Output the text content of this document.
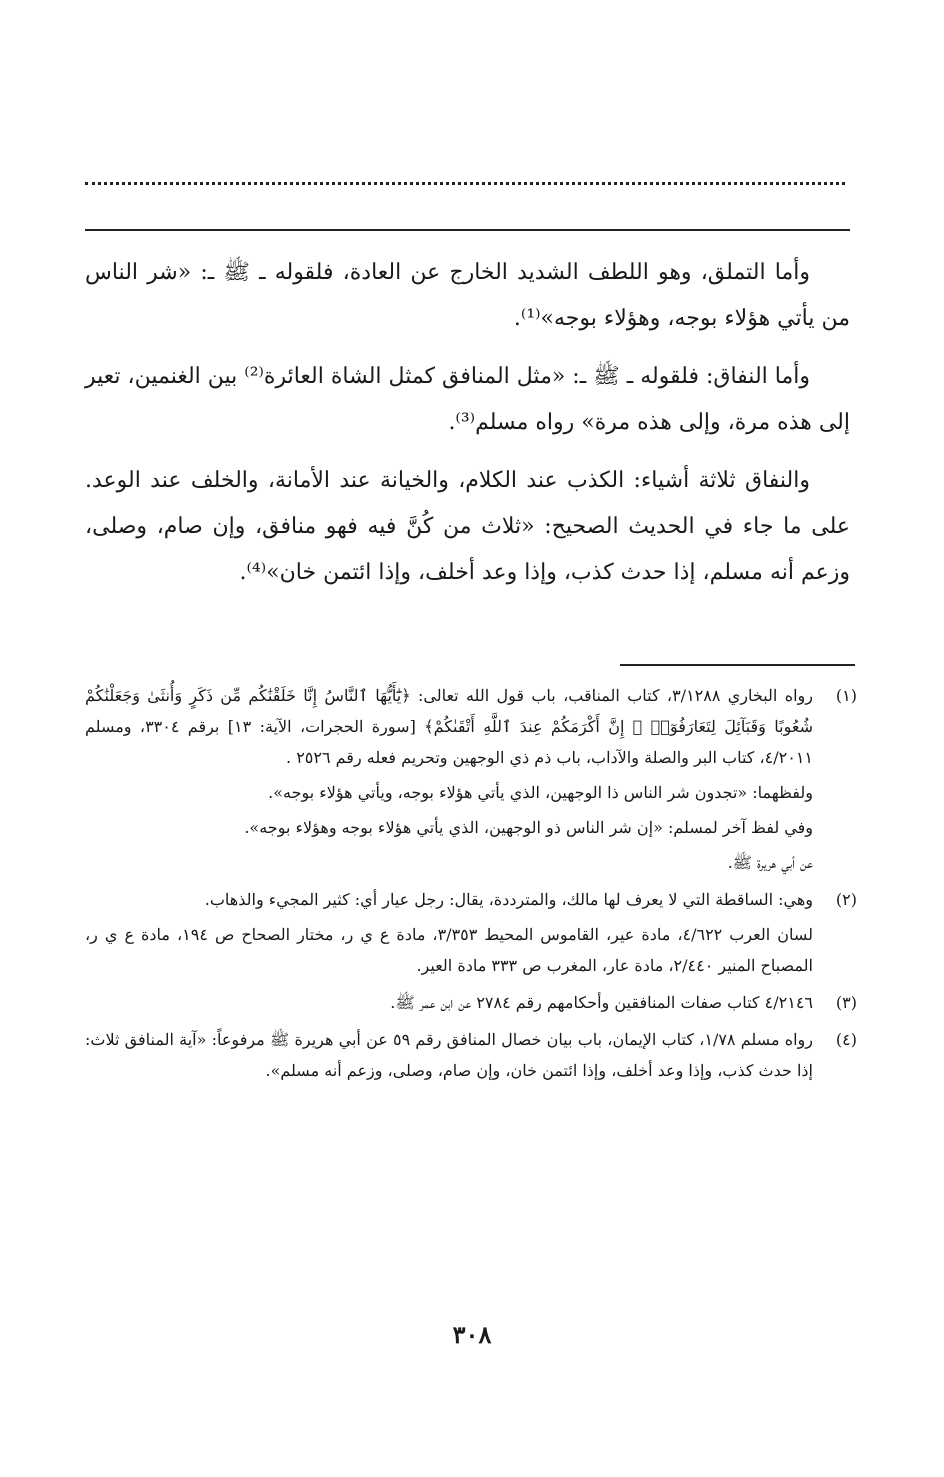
وأما التملق، وهو اللطف الشديد الخارج عن العادة، فلقوله ـ ﷺ ـ: «شر الناس من يأتي هؤلاء بوجه، وهؤلاء بوجه»⁽¹⁾.

وأما النفاق: فلقوله ـ ﷺ ـ: «مثل المنافق كمثل الشاة العائرة⁽²⁾ بين الغنمين، تعير إلى هذه مرة، وإلى هذه مرة» رواه مسلم⁽³⁾.

والنفاق ثلاثة أشياء: الكذب عند الكلام، والخيانة عند الأمانة، والخلف عند الوعد. على ما جاء في الحديث الصحيح: «ثلاث من كُنَّ فيه فهو منافق، وإن صام، وصلى، وزعم أنه مسلم، إذا حدث كذب، وإذا وعد أخلف، وإذا ائتمن خان»⁽⁴⁾.

(١)

رواه البخاري ٣/١٢٨٨، كتاب المناقب، باب قول الله تعالى: ﴿يَٰٓأَيُّهَا ٱلنَّاسُ إِنَّا خَلَقْنَٰكُم مِّن ذَكَرٍ وَأُنثَىٰ وَجَعَلْنَٰكُمْ شُعُوبًا وَقَبَآئِلَ لِتَعَارَفُوٓا۟ ۚ إِنَّ أَكْرَمَكُمْ عِندَ ٱللَّهِ أَتْقَىٰكُمْ﴾ [سورة الحجرات، الآية: ١٣] برقم ٣٣٠٤، ومسلم ٤/٢٠١١، كتاب البر والصلة والآداب، باب ذم ذي الوجهين وتحريم فعله رقم ٢٥٢٦ .

ولفظهما: «تجدون شر الناس ذا الوجهين، الذي يأتي هؤلاء بوجه، ويأتي هؤلاء بوجه».

وفي لفظ آخر لمسلم: «إن شر الناس ذو الوجهين، الذي يأتي هؤلاء بوجه وهؤلاء بوجه».

عن أبي هريرة ﷺ.

(٢)

وهي: الساقطة التي لا يعرف لها مالك، والمترددة، يقال: رجل عيار أي: كثير المجيء والذهاب.

لسان العرب ٤/٦٢٢، مادة عير، القاموس المحيط ٣/٣٥٣، مادة ع ي ر، مختار الصحاح ص ١٩٤، مادة ع ي ر، المصباح المنير ٢/٤٤٠، مادة عار، المغرب ص ٣٣٣ مادة العير.

(٣)

٤/٢١٤٦ كتاب صفات المنافقين وأحكامهم رقم ٢٧٨٤ عن ابن عمر ﷺ.

(٤)

رواه مسلم ١/٧٨، كتاب الإيمان، باب بيان خصال المنافق رقم ٥٩ عن أبي هريرة ﷺ مرفوعاً: «آية المنافق ثلاث: إذا حدث كذب، وإذا وعد أخلف، وإذا ائتمن خان، وإن صام، وصلى، وزعم أنه مسلم».

٣٠٨
